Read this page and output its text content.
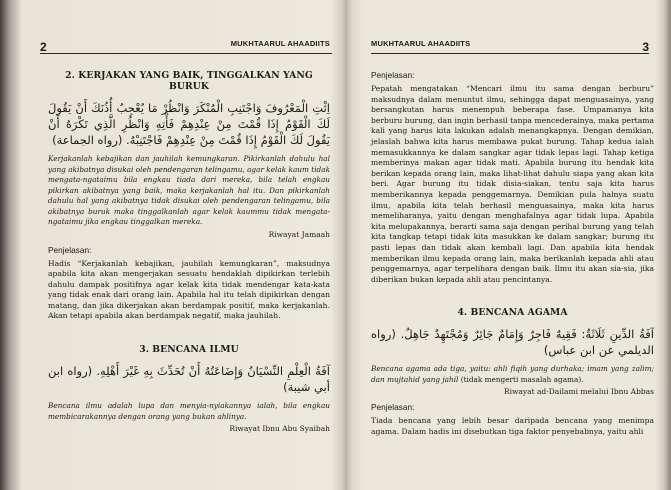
2	MUKHTAARUL AHAADIITS
2. KERJAKAN YANG BAIK, TINGGALKAN YANG BURUK

اِئْتِ الْمَعْرُوفَ وَاجْتَنِبِ الْمُنْكَرَ وَانْظُرْ مَا يُعْجِبُ أُذُنَكَ أَنْ يَقُولَ لَكَ الْقَوْمُ إِذَا قُمْتَ مِنْ عِنْدِهِمْ فَأْتِهِ وَانْظُرِ الَّذِي تَكْرَهُ أَنْ يَقُولَ لَكَ الْقَوْمُ إِذَا قُمْتَ مِنْ عِنْدِهِمْ فَاجْتَنِبْهُ. (رواه الجماعة)

Kerjakanlah kebajikan dan jauhilah kemungkaran. Pikirkanlah dahulu hal yang akibatnya disukai oleh pendengaran telingamu, agar kelak kaum tidak mengata-ngataimu bila engkau tiada dari mereka, bila telah engkau pikirkan akibatnya yang baik, maka kerjakanlah hal itu. Dan pikirkanlah dahulu hal yang akibatnya tidak disukai oleh pendengaran telingamu, bila akibatnya buruk maka tinggalkanlah agar kelak kaummu tidak mengata-ngataimu jika engkau tinggalkan mereka.

Riwayat Jamaah

Penjelasan:

Hadis “Kerjakanlah kebajikan, jauhilah kemungkaran”, maksudnya apabila kita akan mengerjakan sesuatu hendaklah dipikirkan terlebih dahulu dampak positifnya agar kelak kita tidak mendengar kata-kata yang tidak enak dari orang lain. Apabila hal itu telah dipikirkan dengan matang, dan jika dikerjakan akan berdampak positif, maka kerjakanlah. Akan tetapi apabila akan berdampak negatif, maka jauhilah.

3. BENCANA ILMU

آفَةُ الْعِلْمِ النِّسْيَانُ وَإِضَاعَتُهُ أَنْ تُحَدِّثَ بِهِ غَيْرَ أَهْلِهِ. (رواه ابن أبي شيبة)

Bencana ilmu adalah lupa dan menyia-nyiakannya ialah, bila engkau membicarakannya dengan orang yang bukan ahlinya.

Riwayat Ibnu Abu Syaibah

MUKHTAARUL AHAADIITS	3

Penjelasan:

Pepatah mengatakan “Mencari ilmu itu sama dengan berburu” maksudnya dalam menuntut ilmu, sehingga dapat menguasainya, yang bersangkutan harus menempuh beberapa fase. Umpamanya kita berburu burung, dan ingin berhasil tanpa mencederainya, maka pertama kali yang harus kita lakukan adalah menangkapnya. Dengan demikian, jelaslah bahwa kita harus membawa pukat burung. Tahap kedua ialah memasukkannya ke dalam sangkar agar tidak lepas lagi. Tahap ketiga memberinya makan agar tidak mati. Apabila burung itu hendak kita berikan kepada orang lain, maka lihat-lihat dahulu siapa yang akan kita beri. Agar burung itu tidak disia-siakan, tentu saja kita harus memberikannya kepada penggemarnya. Demikian pula halnya suatu ilmu, apabila kita telah berhasil menguasainya, maka kita harus memeliharanya, yaitu dengan menghafalnya agar tidak lupa. Apabila kita melupakannya, berarti sama saja dengan perihal burung yang telah kita tangkap tetapi tidak kita masukkan ke dalam sangkar; burung itu pasti lepas dan tidak akan kembali lagi. Dan apabila kita hendak memberikan ilmu kepada orang lain, maka berikanlah kepada ahli atau penggemarnya, agar terpelihara dengan baik. Ilmu itu akan sia-sia, jika diberikan bukan kepada ahli atau pencintanya.

4. BENCANA AGAMA

آفَةُ الدِّينِ ثَلَاثَةٌ: فَقِيهٌ فَاجِرٌ وَإِمَامٌ جَائِرٌ وَمُجْتَهِدٌ جَاهِلٌ. (رواه الديلمي عن ابن عباس)

Bencana agama ada tiga, yaitu: ahli fiqih yang durhaka; imam yang zalim; dan mujtahid yang jahil (tidak mengerti masalah agama).

Riwayat ad-Dailami melalui Ibnu Abbas

Penjelasan:

Tiada bencana yang lebih besar daripada bencana yang menimpa agama. Dalam hadis ini disebutkan tiga faktor penyebabnya, yaitu ahli
